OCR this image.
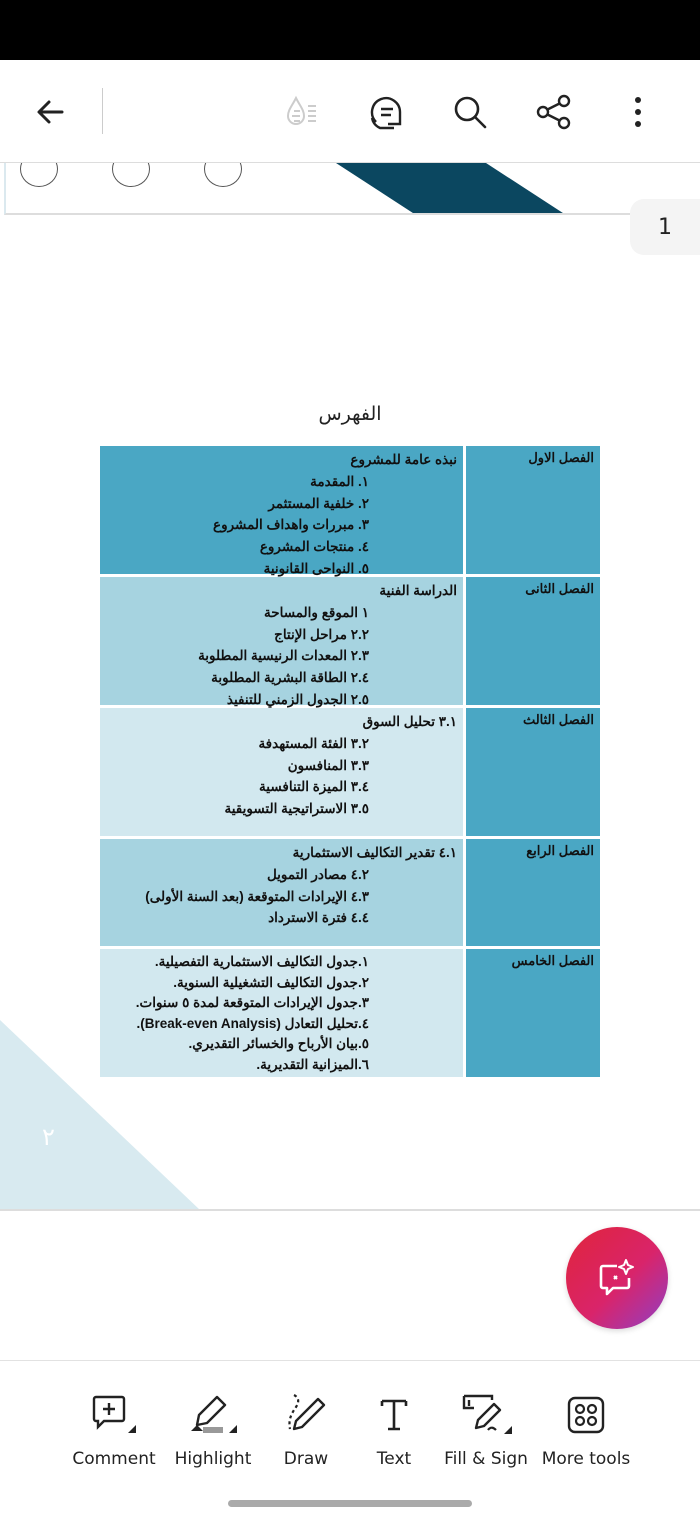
الفهرس
الفصل الاول
نبذه عامة للمشروع
١. المقدمة
٢. خلفية المستثمر
٣. مبررات واهداف المشروع
٤. منتجات المشروع
٥. النواحى القانونية
الفصل الثانى
الدراسة الفنية
١ الموقع والمساحة
٢.٢ مراحل الإنتاج
٢.٣ المعدات الرنيسية المطلوبة
٢.٤ الطاقة البشرية المطلوبة
٢.٥ الجدول الزمني للتنفيذ
الفصل الثالث
٣.١ تحليل السوق
٣.٢ الفئة المستهدفة
٣.٣ المنافسون
٣.٤ الميزة التنافسية
٣.٥ الاستراتيجية التسويقية
الفصل الرابع
٤.١ تقدير التكاليف الاستثمارية
٤.٢ مصادر التمويل
٤.٣ الإيرادات المتوقعة (بعد السنة الأولى)
٤.٤ فترة الاسترداد
الفصل الخامس
١.جدول التكاليف الاستثمارية التفصيلية.
٢.جدول التكاليف التشغيلية السنوية.
٣.جدول الإيرادات المتوقعة لمدة ٥ سنوات.
٤.تحليل التعادل (Break-even Analysis).
٥.بيان الأرباح والخسائر التقديري.
٦.الميزانية التقديرية.
٢
1
Comment	Highlight	Draw	Text	Fill & Sign More tools
